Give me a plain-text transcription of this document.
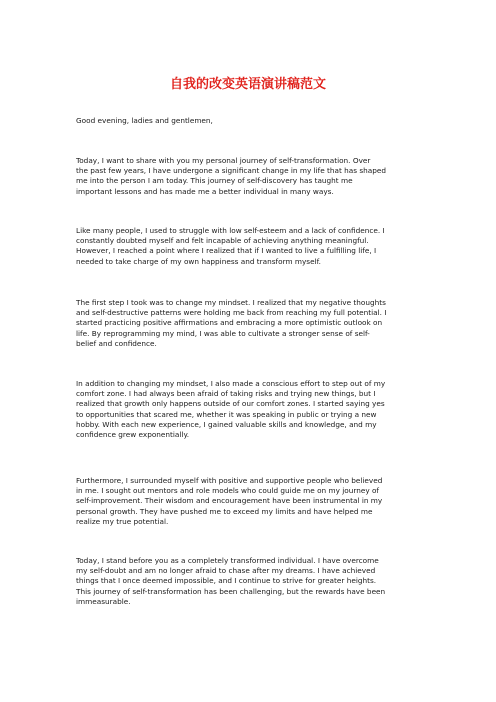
自我的改变英语演讲稿范文

Good evening, ladies and gentlemen,

Today, I want to share with you my personal journey of self-transformation. Over
the past few years, I have undergone a significant change in my life that has shaped
me into the person I am today. This journey of self-discovery has taught me
important lessons and has made me a better individual in many ways.

Like many people, I used to struggle with low self-esteem and a lack of confidence. I
constantly doubted myself and felt incapable of achieving anything meaningful.
However, I reached a point where I realized that if I wanted to live a fulfilling life, I
needed to take charge of my own happiness and transform myself.

The first step I took was to change my mindset. I realized that my negative thoughts
and self-destructive patterns were holding me back from reaching my full potential. I
started practicing positive affirmations and embracing a more optimistic outlook on
life. By reprogramming my mind, I was able to cultivate a stronger sense of self-
belief and confidence.

In addition to changing my mindset, I also made a conscious effort to step out of my
comfort zone. I had always been afraid of taking risks and trying new things, but I
realized that growth only happens outside of our comfort zones. I started saying yes
to opportunities that scared me, whether it was speaking in public or trying a new
hobby. With each new experience, I gained valuable skills and knowledge, and my
confidence grew exponentially.

Furthermore, I surrounded myself with positive and supportive people who believed
in me. I sought out mentors and role models who could guide me on my journey of
self-improvement. Their wisdom and encouragement have been instrumental in my
personal growth. They have pushed me to exceed my limits and have helped me
realize my true potential.

Today, I stand before you as a completely transformed individual. I have overcome
my self-doubt and am no longer afraid to chase after my dreams. I have achieved
things that I once deemed impossible, and I continue to strive for greater heights.
This journey of self-transformation has been challenging, but the rewards have been
immeasurable.
